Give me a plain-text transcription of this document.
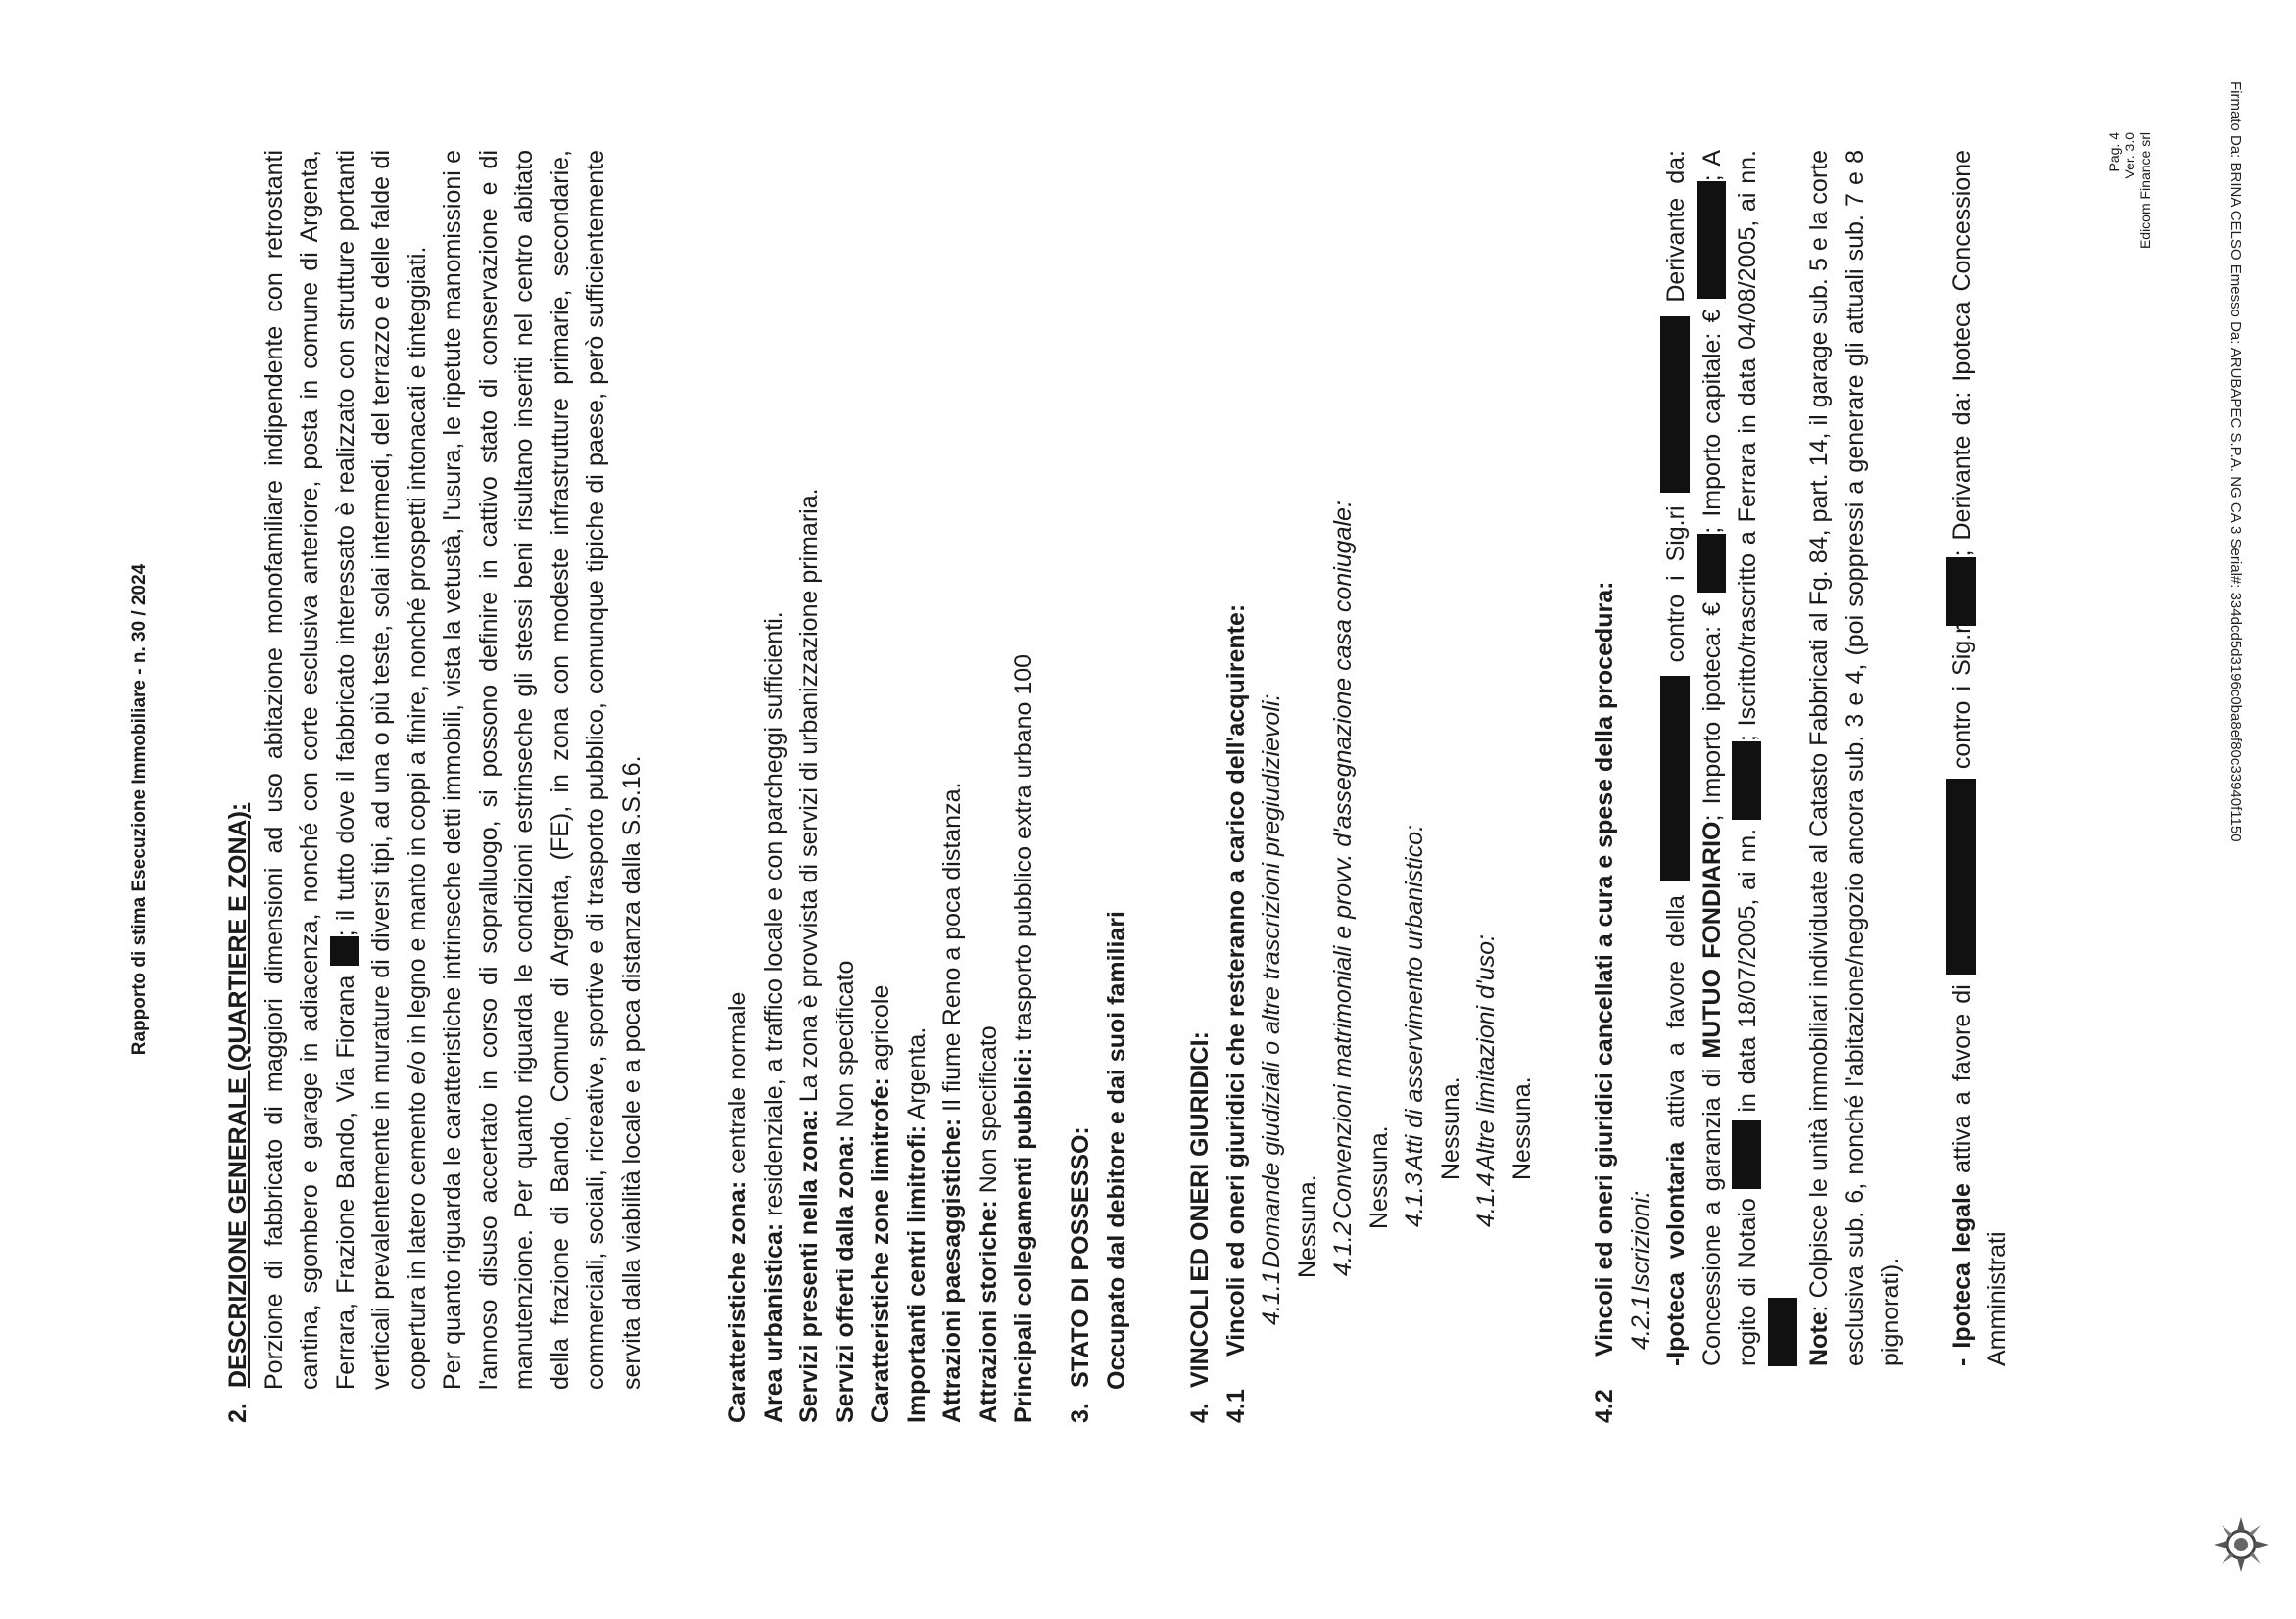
Rapporto di stima Esecuzione Immobiliare - n. 30 / 2024
2.DESCRIZIONE GENERALE (QUARTIERE E ZONA): Porzione di fabbricato di maggiori dimensioni ad uso abitazione monofamiliare indipendente con retrostanti cantina, sgombero e garage in adiacenza, nonché con corte esclusiva anteriore, posta in comune di Argenta, Ferrara, Frazione Bando, Via Fiorana ; il tutto dove il fabbricato interessato è realizzato con strutture portanti verticali prevalentemente in murature di diversi tipi, ad una o più teste, solai intermedi, del terrazzo e delle falde di copertura in latero cemento e/o in legno e manto in coppi a finire, nonché prospetti intonacati e tinteggiati. Per quanto riguarda le caratteristiche intrinseche detti immobili, vista la vetustà, l'usura, le ripetute manomissioni e l'annoso disuso accertato in corso di sopralluogo, si possono definire in cattivo stato di conservazione e di manutenzione. Per quanto riguarda le condizioni estrinseche gli stessi beni risultano inseriti nel centro abitato della frazione di Bando, Comune di Argenta, (FE), in zona con modeste infrastrutture primarie, secondarie, commerciali, sociali, ricreative, sportive e di trasporto pubblico, comunque tipiche di paese, però sufficientemente servita dalla viabilità locale e a poca distanza dalla S.S.16.	Caratteristiche zona: centrale normale
Area urbanistica: residenziale, a traffico locale e con parcheggi sufficienti.
Servizi presenti nella zona: La zona è provvista di servizi di urbanizzazione primaria.
Servizi offerti dalla zona: Non specificato
Caratteristiche zone limitrofe: agricole
Importanti centri limitrofi: Argenta.
Attrazioni paesaggistiche: Il fiume Reno a poca distanza.
Attrazioni storiche: Non specificato Principali collegamenti pubblici: trasporto pubblico extra urbano 100
3.STATO DI POSSESSO: Occupato dal debitore e dai suoi familiari
4.VINCOLI ED ONERI GIURIDICI:
4.1Vincoli ed oneri giuridici che resteranno a carico dell'acquirente: 4.1.1Domande giudiziali o altre trascrizioni pregiudizievoli: Nessuna. 4.1.2Convenzioni matrimoniali e provv. d'assegnazione casa coniugale: Nessuna. 4.1.3Atti di asservimento urbanistico: Nessuna.
4.1.4Altre limitazioni d'uso: Nessuna.
4.2Vincoli ed oneri giuridici cancellati a cura e spese della procedura: 4.2.1Iscrizioni: -Ipoteca volontaria attiva a favore della  contro i Sig.ri  Derivante da: Concessione a garanzia di MUTUO FONDIARIO; Importo ipoteca: € ; Importo capitale: € ; A rogito di Notaio  in data 18/07/2005, ai nn. ; Iscritto/trascritto a Ferrara in data 04/08/2005, ai nn.
Note: Colpisce le unità immobiliari individuate al Catasto Fabbricati al Fg. 84, part. 14, il garage sub. 5 e la corte esclusiva sub. 6, nonché l'abitazione/negozio ancora sub. 3 e 4, (poi soppressi a generare gli attuali sub. 7 e 8 pignorati). - Ipoteca legale attiva a favore di  contro i Sig.r; Derivante da: Ipoteca Concessione Amministrati

Pag. 4 Ver. 3.0 Edicom Finance srl	Firmato Da: BRINA CELSO Emesso Da: ARUBAPEC S.P.A. NG CA 3 Serial#: 334dcd5d3196c0ba8ef80c33940f1150
